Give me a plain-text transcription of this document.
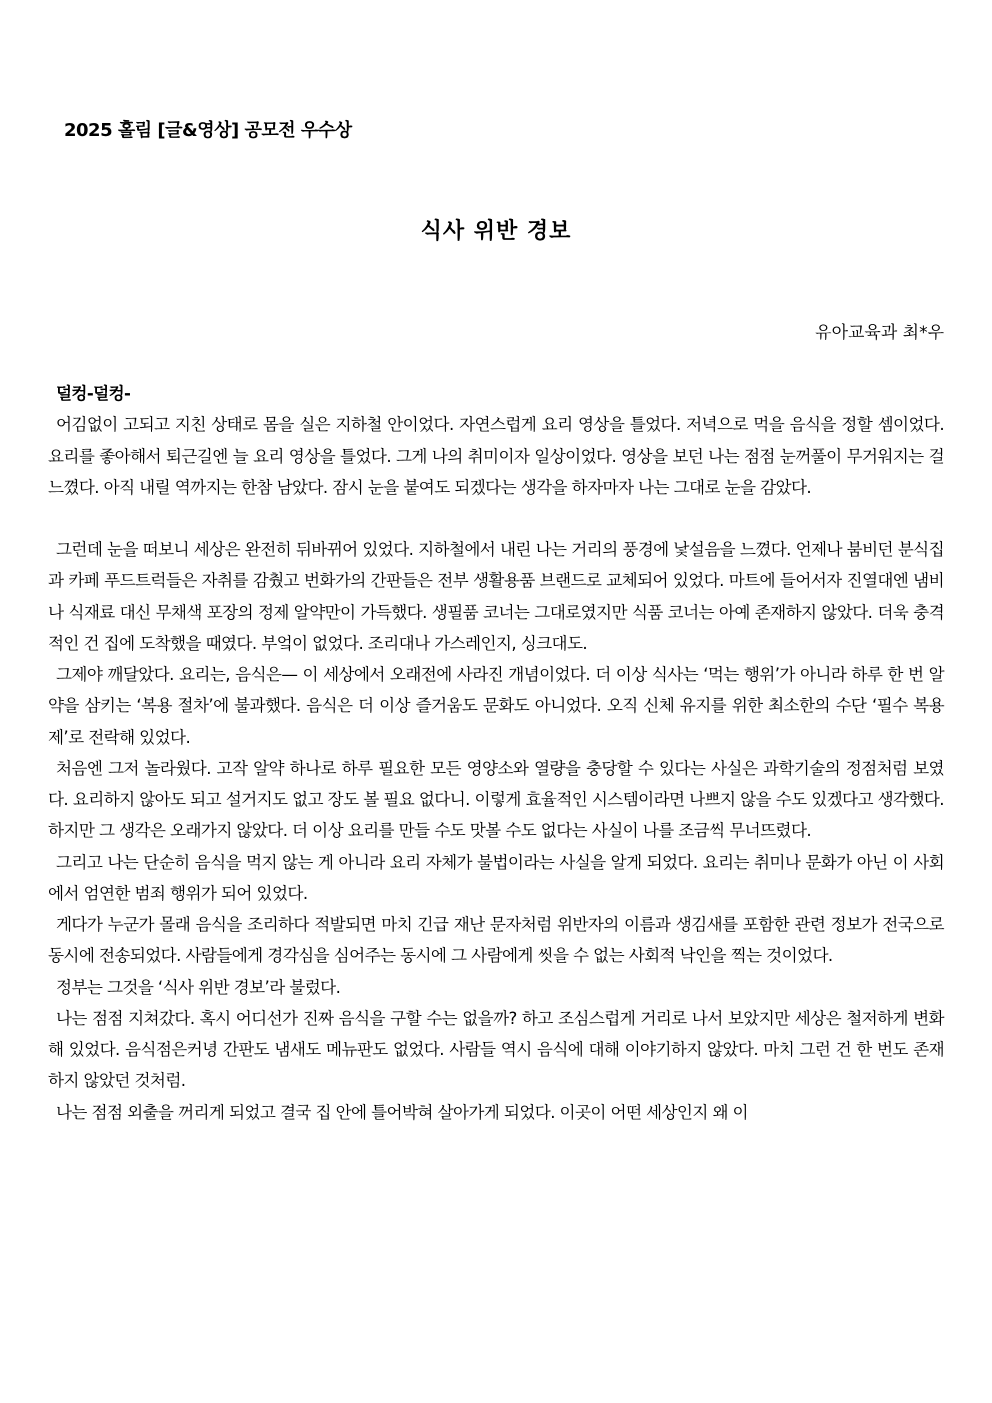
2025 홀림 [글&영상] 공모전 우수상
식사 위반 경보
유아교육과 최*우

덜컹-덜컹-

어김없이 고되고 지친 상태로 몸을 실은 지하철 안이었다. 자연스럽게 요리 영상을 틀었다. 저녁으로 먹을 음식을 정할 셈이었다. 요리를 좋아해서 퇴근길엔 늘 요리 영상을 틀었다. 그게 나의 취미이자 일상이었다. 영상을 보던 나는 점점 눈꺼풀이 무거워지는 걸 느꼈다. 아직 내릴 역까지는 한참 남았다. 잠시 눈을 붙여도 되겠다는 생각을 하자마자 나는 그대로 눈을 감았다.

그런데 눈을 떠보니 세상은 완전히 뒤바뀌어 있었다. 지하철에서 내린 나는 거리의 풍경에 낯설음을 느꼈다. 언제나 붐비던 분식집과 카페 푸드트럭들은 자취를 감췄고 번화가의 간판들은 전부 생활용품 브랜드로 교체되어 있었다. 마트에 들어서자 진열대엔 냄비나 식재료 대신 무채색 포장의 정제 알약만이 가득했다. 생필품 코너는 그대로였지만 식품 코너는 아예 존재하지 않았다. 더욱 충격적인 건 집에 도착했을 때였다. 부엌이 없었다. 조리대나 가스레인지, 싱크대도.

그제야 깨달았다. 요리는, 음식은— 이 세상에서 오래전에 사라진 개념이었다. 더 이상 식사는 ‘먹는 행위’가 아니라 하루 한 번 알약을 삼키는 ‘복용 절차’에 불과했다. 음식은 더 이상 즐거움도 문화도 아니었다. 오직 신체 유지를 위한 최소한의 수단 ‘필수 복용제’로 전락해 있었다.

처음엔 그저 놀라웠다. 고작 알약 하나로 하루 필요한 모든 영양소와 열량을 충당할 수 있다는 사실은 과학기술의 정점처럼 보였다. 요리하지 않아도 되고 설거지도 없고 장도 볼 필요 없다니. 이렇게 효율적인 시스템이라면 나쁘지 않을 수도 있겠다고 생각했다. 하지만 그 생각은 오래가지 않았다. 더 이상 요리를 만들 수도 맛볼 수도 없다는 사실이 나를 조금씩 무너뜨렸다.

그리고 나는 단순히 음식을 먹지 않는 게 아니라 요리 자체가 불법이라는 사실을 알게 되었다. 요리는 취미나 문화가 아닌 이 사회에서 엄연한 범죄 행위가 되어 있었다.

게다가 누군가 몰래 음식을 조리하다 적발되면 마치 긴급 재난 문자처럼 위반자의 이름과 생김새를 포함한 관련 정보가 전국으로 동시에 전송되었다. 사람들에게 경각심을 심어주는 동시에 그 사람에게 씻을 수 없는 사회적 낙인을 찍는 것이었다.

정부는 그것을 ‘식사 위반 경보’라 불렀다.

나는 점점 지쳐갔다. 혹시 어디선가 진짜 음식을 구할 수는 없을까? 하고 조심스럽게 거리로 나서 보았지만 세상은 철저하게 변화해 있었다. 음식점은커녕 간판도 냄새도 메뉴판도 없었다. 사람들 역시 음식에 대해 이야기하지 않았다. 마치 그런 건 한 번도 존재하지 않았던 것처럼.

나는 점점 외출을 꺼리게 되었고 결국 집 안에 틀어박혀 살아가게 되었다. 이곳이 어떤 세상인지 왜 이
